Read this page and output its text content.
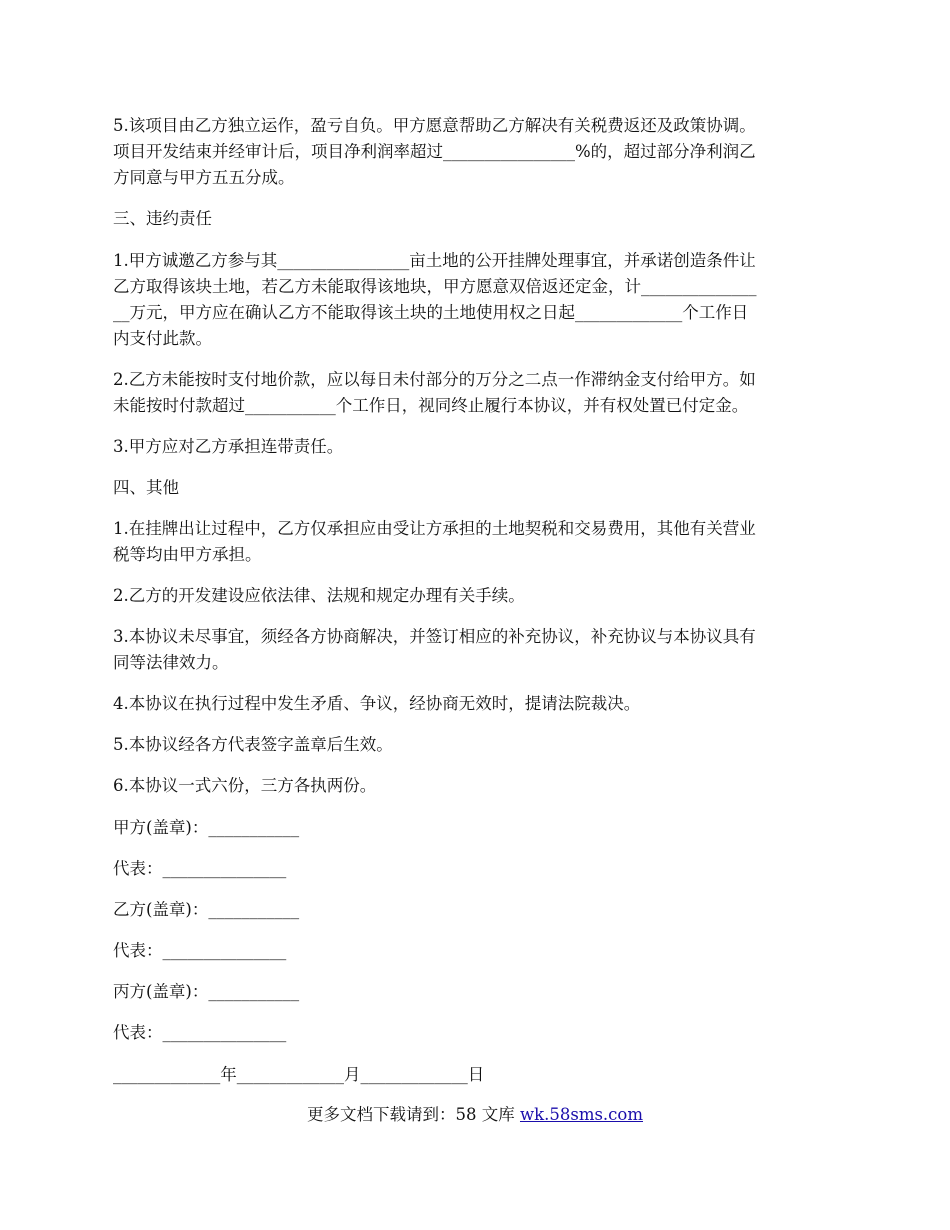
5.该项目由乙方独立运作，盈亏自负。甲方愿意帮助乙方解决有关税费返还及政策协调。
项目开发结束并经审计后，项目净利润率超过________________%的，超过部分净利润乙
方同意与甲方五五分成。
三、违约责任
1.甲方诚邀乙方参与其________________亩土地的公开挂牌处理事宜，并承诺创造条件让
乙方取得该块土地，若乙方未能取得该地块，甲方愿意双倍返还定金，计______________
__万元，甲方应在确认乙方不能取得该土块的土地使用权之日起_____________个工作日
内支付此款。
2.乙方未能按时支付地价款，应以每日未付部分的万分之二点一作滞纳金支付给甲方。如
未能按时付款超过___________个工作日，视同终止履行本协议，并有权处置已付定金。
3.甲方应对乙方承担连带责任。
四、其他
1.在挂牌出让过程中，乙方仅承担应由受让方承担的土地契税和交易费用，其他有关营业
税等均由甲方承担。
2.乙方的开发建设应依法律、法规和规定办理有关手续。
3.本协议未尽事宜，须经各方协商解决，并签订相应的补充协议，补充协议与本协议具有
同等法律效力。
4.本协议在执行过程中发生矛盾、争议，经协商无效时，提请法院裁决。
5.本协议经各方代表签字盖章后生效。
6.本协议一式六份，三方各执两份。
甲方(盖章)：___________
代表：_______________
乙方(盖章)：___________
代表：_______________
丙方(盖章)：___________
代表：_______________
_____________年_____________月_____________日
更多文档下载请到：58 文库 wk.58sms.com
